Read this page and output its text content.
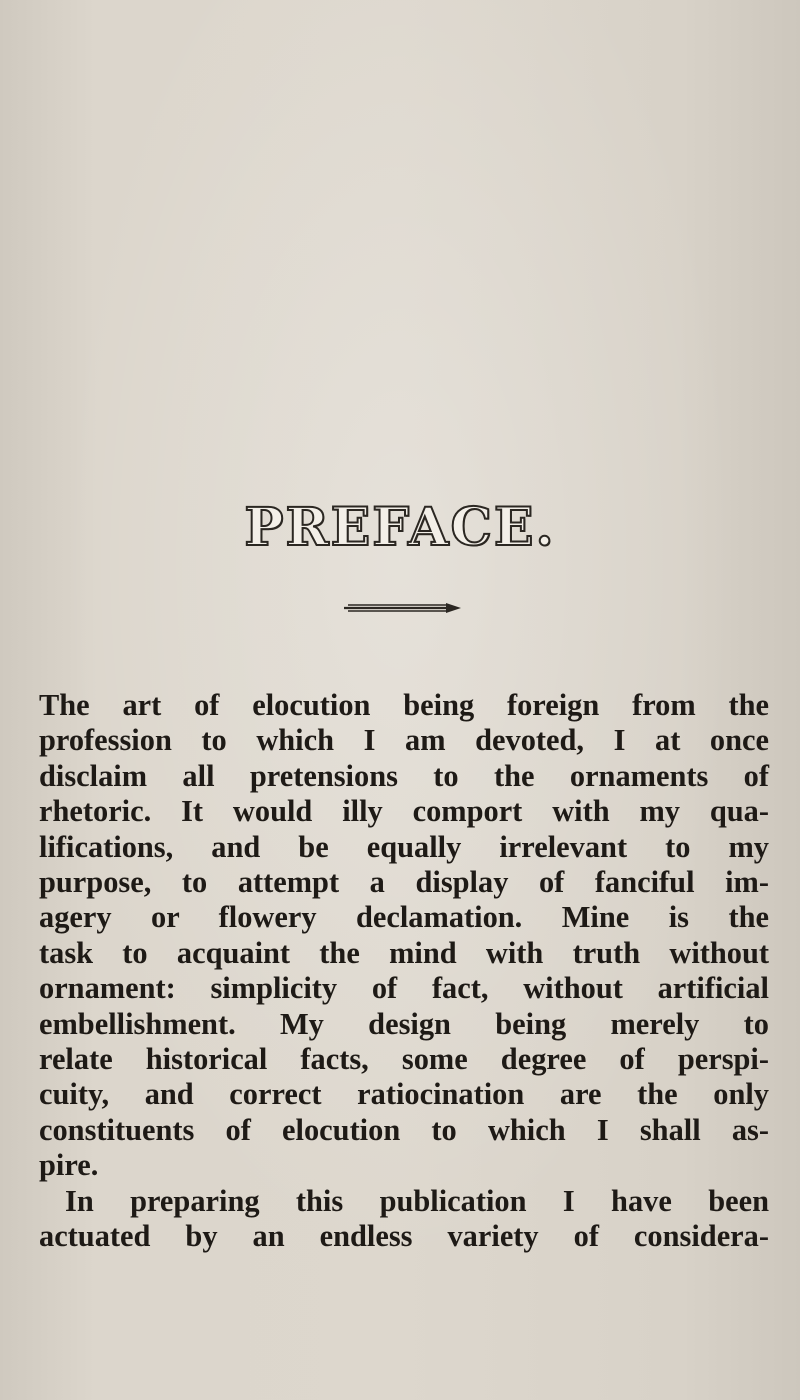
PREFACE.

The art of elocution being foreign from the
profession to which I am devoted, I at once
disclaim all pretensions to the ornaments of
rhetoric. It would illy comport with my qua-
lifications, and be equally irrelevant to my
purpose, to attempt a display of fanciful im-
agery or flowery declamation. Mine is the
task to acquaint the mind with truth without
ornament: simplicity of fact, without artificial
embellishment. My design being merely to
relate historical facts, some degree of perspi-
cuity, and correct ratiocination are the only
constituents of elocution to which I shall as-
pire.

In preparing this publication I have been
actuated by an endless variety of considera-
